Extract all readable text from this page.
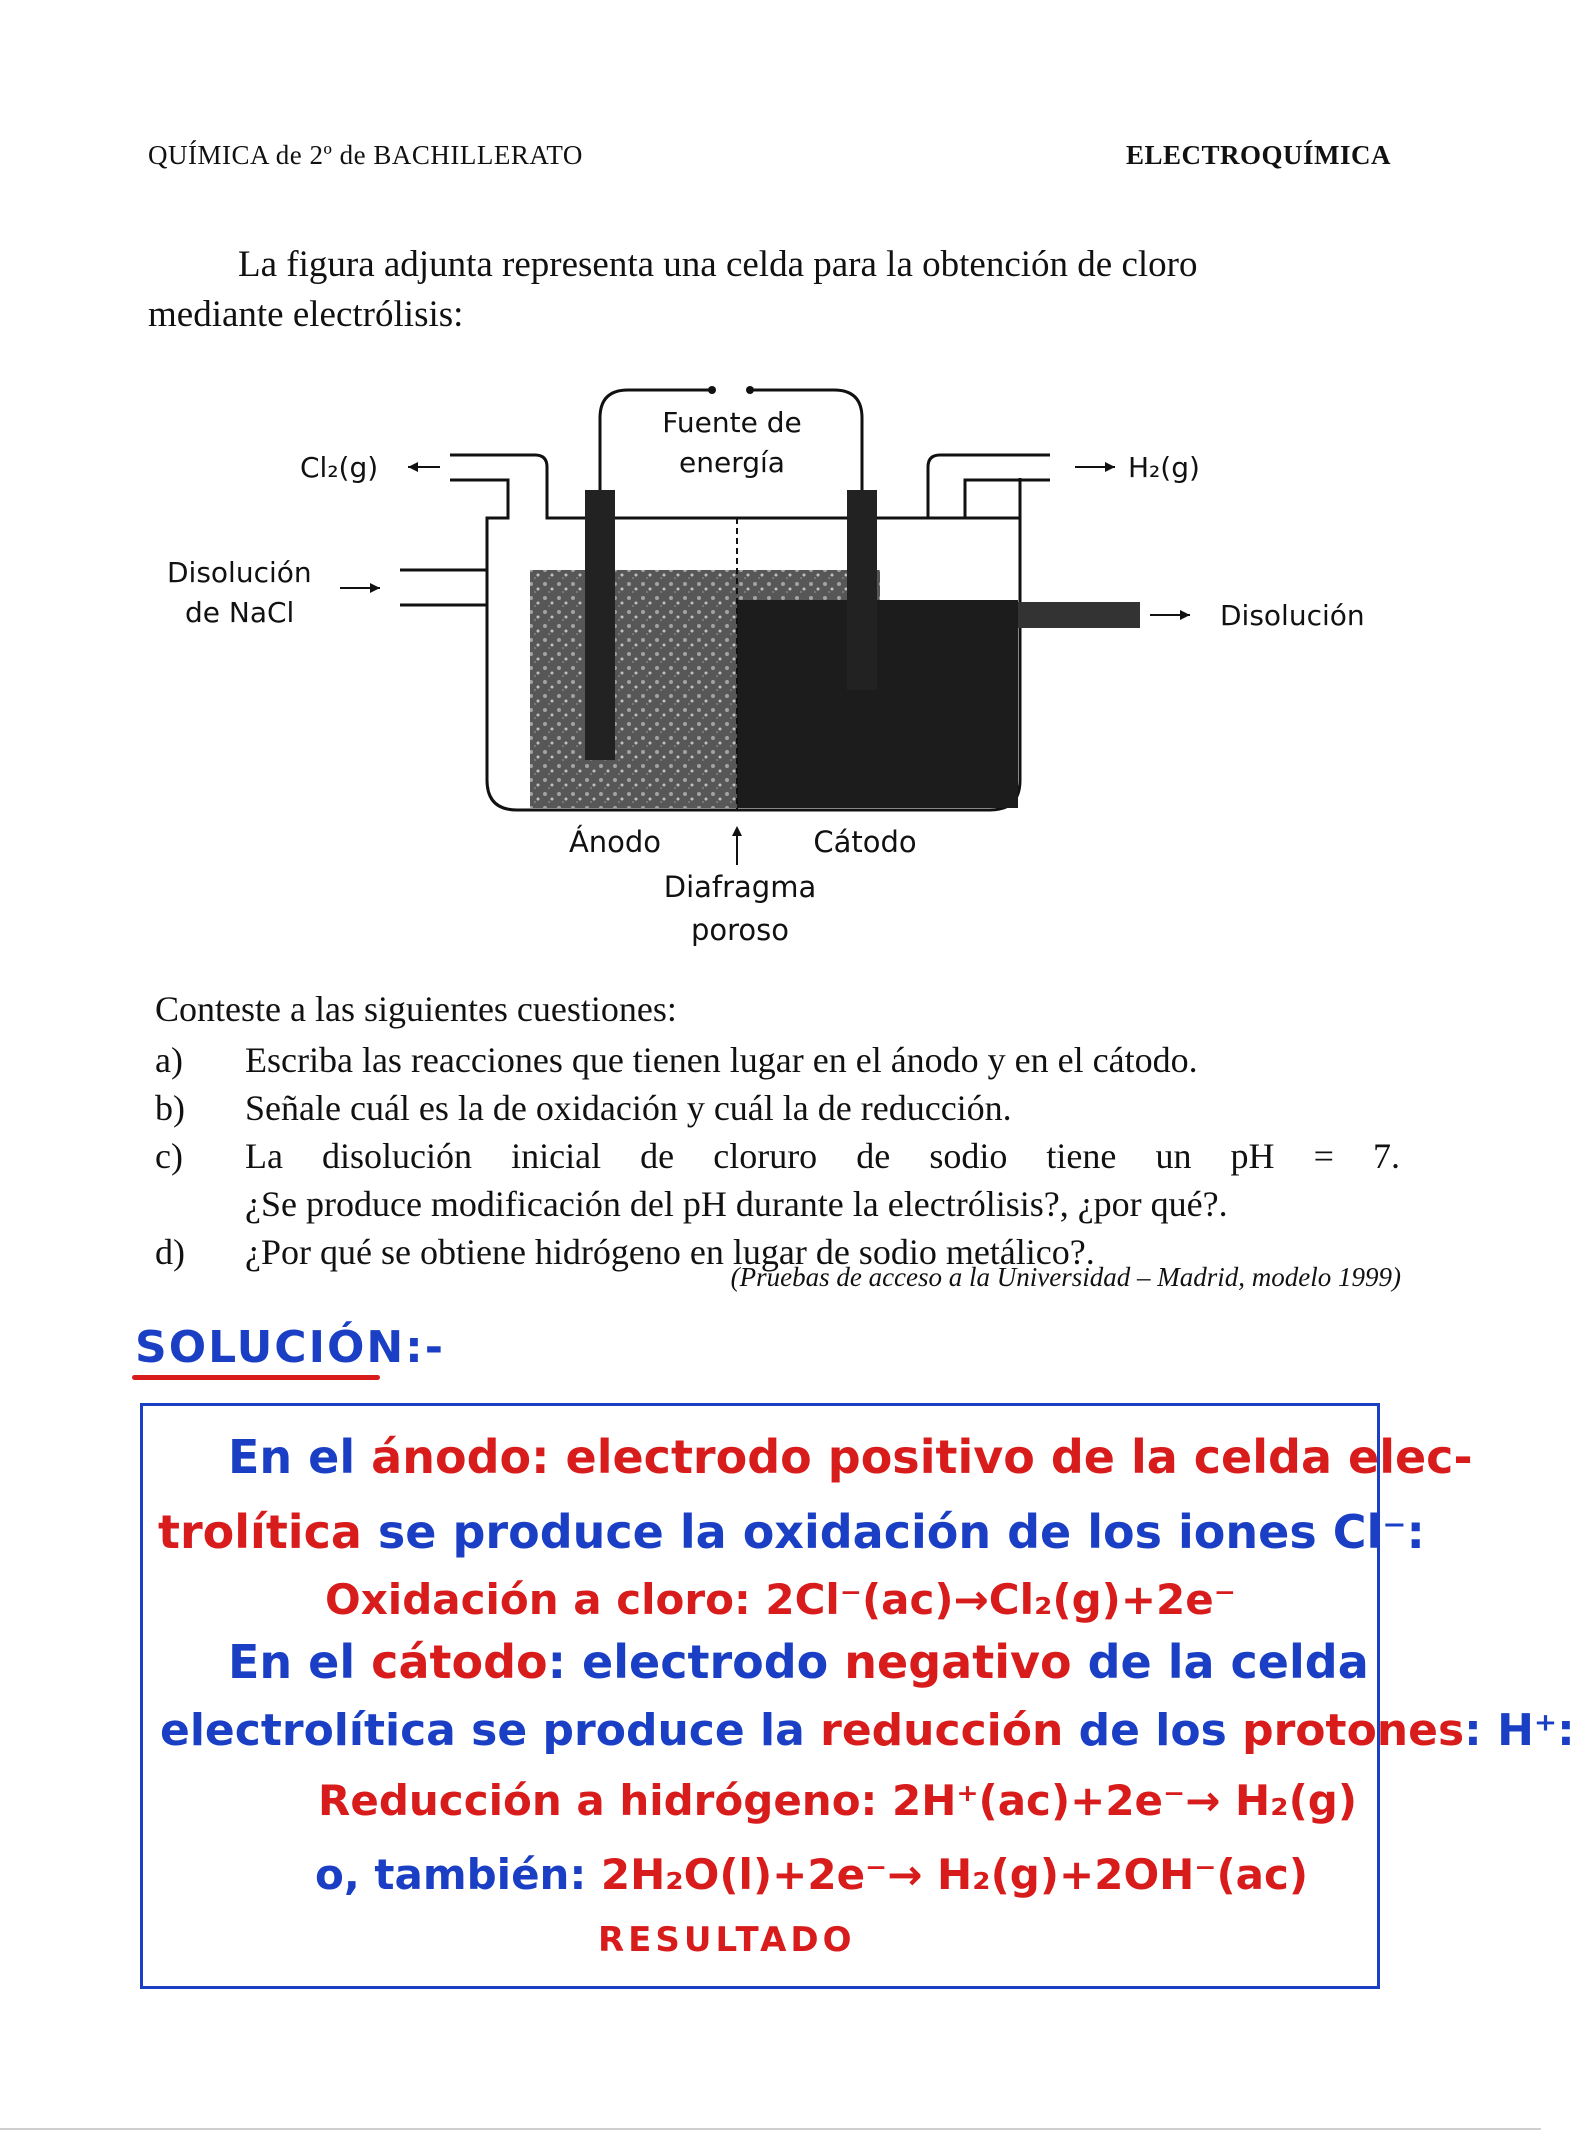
QUÍMICA de 2º de BACHILLERATO	ELECTROQUÍMICA
La figura adjunta representa una celda para la obtención de cloro
mediante electrólisis:
Fuente de
energía
Cl₂(g)	H₂(g)
Disolución
de NaCl	Disolución
Ánodo	Cátodo
Diafragma
poroso
Conteste a las siguientes cuestiones:
a)	Escriba las reacciones que tienen lugar en el ánodo y en el cátodo.
b)	Señale cuál es la de oxidación y cuál la de reducción.
c)	La disolución inicial de cloruro de sodio tiene un pH = 7.
¿Se produce modificación del pH durante la electrólisis?, ¿por qué?.
d)	¿Por qué se obtiene hidrógeno en lugar de sodio metálico?.
(Pruebas de acceso a la Universidad – Madrid, modelo 1999)
SOLUCIÓN:-
En el ánodo: electrodo positivo de la celda elec-
trolítica se produce la oxidación de los iones Cl⁻:
Oxidación a cloro: 2Cl⁻(ac)→Cl₂(g)+2e⁻
En el cátodo: electrodo negativo de la celda
electrolítica se produce la reducción de los protones: H⁺:
Reducción a hidrógeno: 2H⁺(ac)+2e⁻→ H₂(g)
o, también: 2H₂O(l)+2e⁻→ H₂(g)+2OH⁻(ac)
RESULTADO
